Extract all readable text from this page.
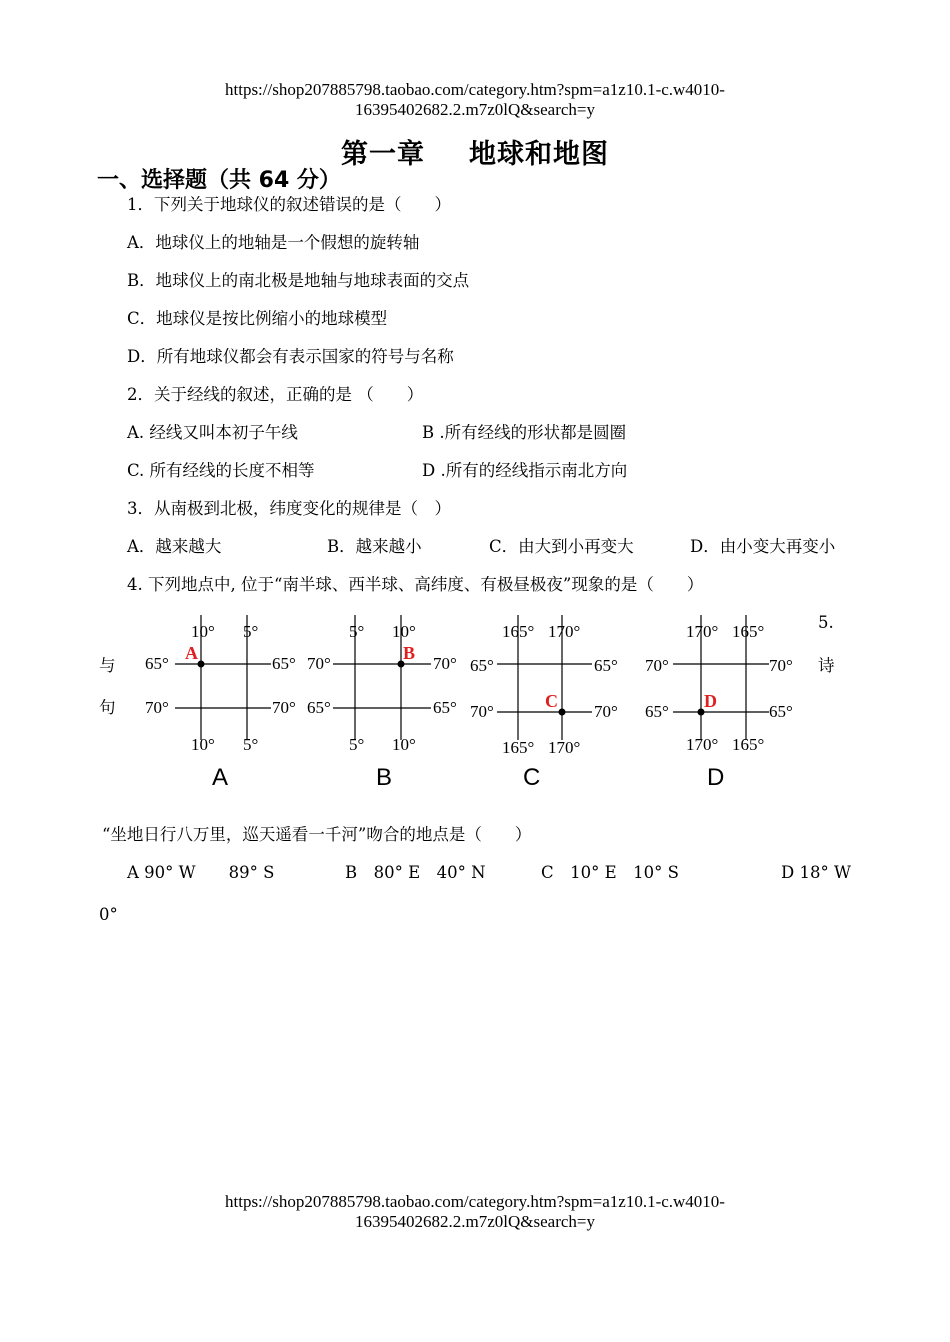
https://shop207885798.taobao.com/category.htm?spm=a1z10.1-c.w4010-
16395402682.2.m7z0lQ&search=y
第一章 地球和地图
一、选择题（共 64 分）
1．下列关于地球仪的叙述错误的是（　　）
A．地球仪上的地轴是一个假想的旋转轴
B．地球仪上的南北极是地轴与地球表面的交点
C．地球仪是按比例缩小的地球模型
D．所有地球仪都会有表示国家的符号与名称
2．关于经线的叙述，正确的是 （　　）
A. 经线又叫本初子午线	B .所有经线的形状都是圆圈
C. 所有经线的长度不相等	D .所有的经线指示南北方向
3．从南极到北极，纬度变化的规律是（　）
A．越来越大	B．越来越小	C．由大到小再变大	D．由小变大再变小
4. 下列地点中, 位于“南半球、西半球、高纬度、有极昼极夜”现象的是（　　）
5.
与	诗
句
10° 5°
10° 5°
65°
70°
65°
70°
A
A
5° 10°
5° 10°
70°
65°
70°
65°
B
B
165° 170°
165° 170°
65°
70°
65°
70°
C
C
170° 165°
170° 165°
70°
65°
70°
65°
D
D
“坐地日行八万里，巡天遥看一千河”吻合的地点是（　　）
A 90° W　　89° S	B　80° E　40° N	C　10° E　10° S	D 18° W
0°
https://shop207885798.taobao.com/category.htm?spm=a1z10.1-c.w4010-
16395402682.2.m7z0lQ&search=y
